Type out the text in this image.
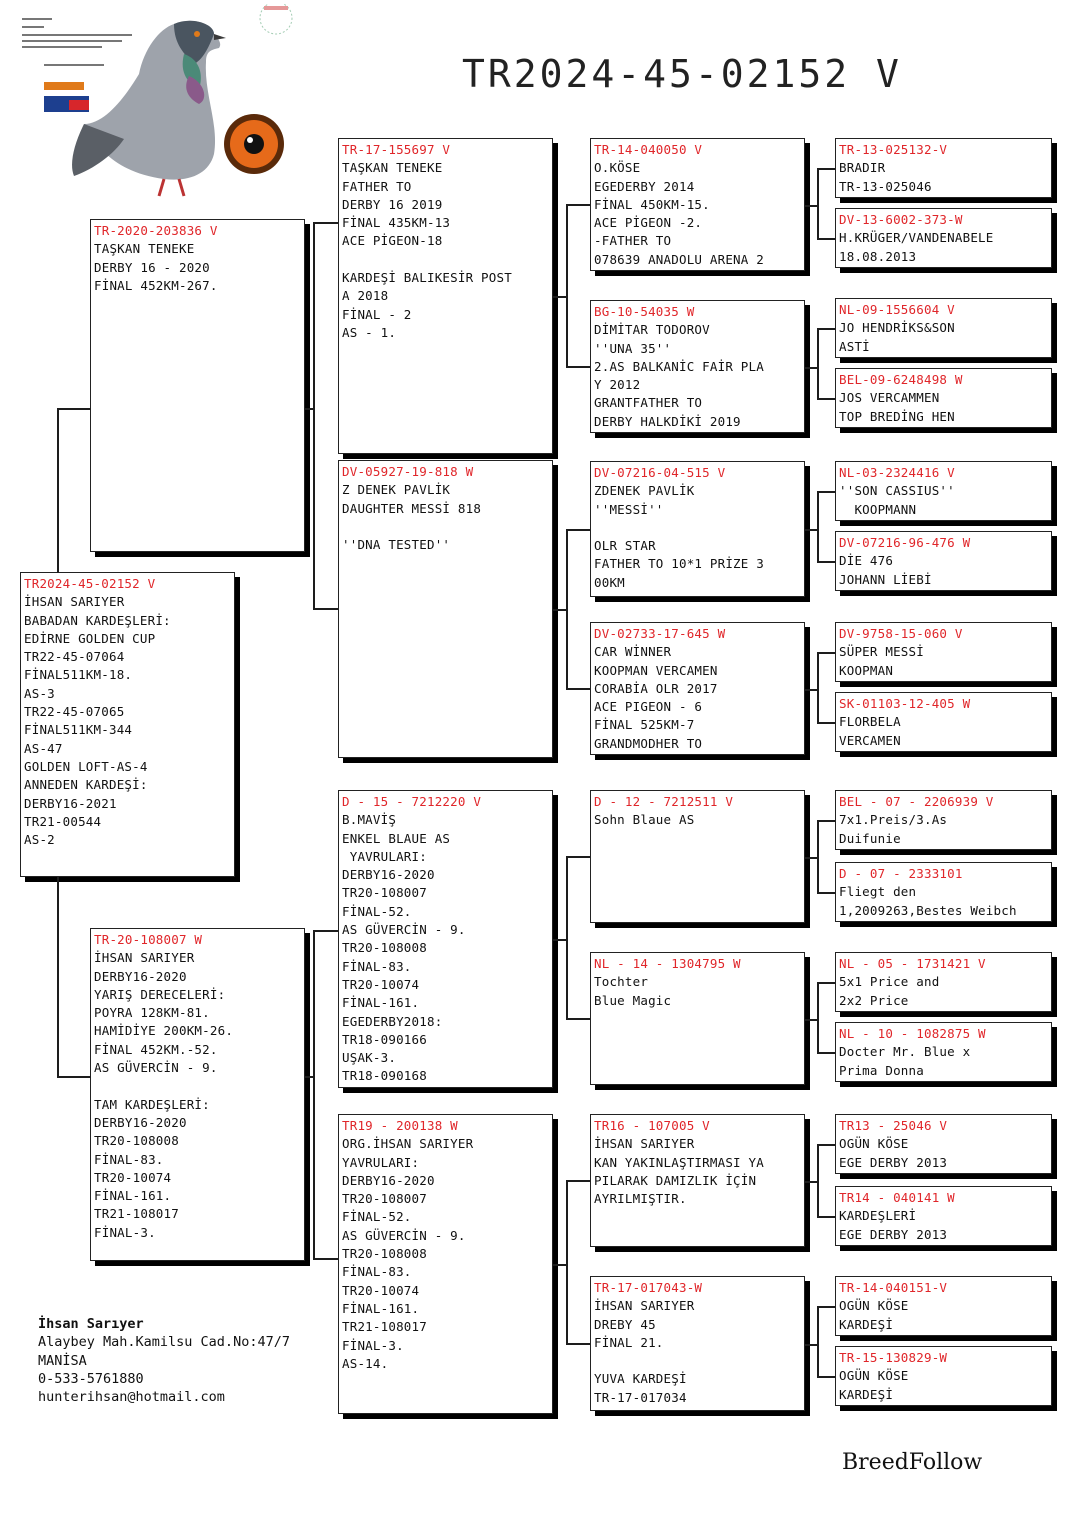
TR2024-45-02152 V
İhsan Sarıyer
Alaybey Mah.Kamilsu Cad.No:47/7
MANİSA
0-533-5761880
hunterihsan@hotmail.com
BreedFollow
TR2024-45-02152 V
İHSAN SARIYER
BABADAN KARDEŞLERİ:
EDİRNE GOLDEN CUP
TR22-45-07064
FİNAL511KM-18.
AS-3
TR22-45-07065
FİNAL511KM-344
AS-47
GOLDEN LOFT-AS-4
ANNEDEN KARDEŞİ:
DERBY16-2021
TR21-00544
AS-2
TR-2020-203836 V
TAŞKAN TENEKE
DERBY 16 - 2020
FİNAL 452KM-267.
TR-20-108007 W
İHSAN SARIYER
DERBY16-2020
YARIŞ DERECELERİ:
POYRA 128KM-81.
HAMİDİYE 200KM-26.
FİNAL 452KM.-52.
AS GÜVERCİN - 9.

TAM KARDEŞLERİ:
DERBY16-2020
TR20-108008
FİNAL-83.
TR20-10074
FİNAL-161.
TR21-108017
FİNAL-3.
TR-17-155697 V
TAŞKAN TENEKE
FATHER TO
DERBY 16 2019
FİNAL 435KM-13
ACE PİGEON-18

KARDEŞİ BALIKESİR POST
A 2018
FİNAL - 2
AS - 1.
DV-05927-19-818 W
Z DENEK PAVLİK
DAUGHTER MESSİ 818

''DNA TESTED''
D - 15 - 7212220 V
B.MAVİŞ
ENKEL BLAUE AS
YAVRULARI:
DERBY16-2020
TR20-108007
FİNAL-52.
AS GÜVERCİN - 9.
TR20-108008
FİNAL-83.
TR20-10074
FİNAL-161.
EGEDERBY2018:
TR18-090166
UŞAK-3.
TR18-090168
TR19 - 200138 W
ORG.İHSAN SARIYER
YAVRULARI:
DERBY16-2020
TR20-108007
FİNAL-52.
AS GÜVERCİN - 9.
TR20-108008
FİNAL-83.
TR20-10074
FİNAL-161.
TR21-108017
FİNAL-3.
AS-14.
TR-14-040050 V
O.KÖSE
EGEDERBY 2014
FİNAL 450KM-15.
ACE PİGEON -2.
-FATHER TO
078639 ANADOLU ARENA 2
BG-10-54035 W
DİMİTAR TODOROV
''UNA 35''
2.AS BALKANİC FAİR PLA
Y 2012
GRANTFATHER TO
DERBY HALKDİKİ 2019
DV-07216-04-515 V
ZDENEK PAVLİK
''MESSİ''

OLR STAR
FATHER TO 10*1 PRİZE 3
00KM
DV-02733-17-645 W
CAR WİNNER
KOOPMAN VERCAMEN
CORABİA OLR 2017
ACE PIGEON - 6
FİNAL 525KM-7
GRANDMODHER TO
D - 12 - 7212511 V
Sohn Blaue AS
NL - 14 - 1304795 W
Tochter
Blue Magic
TR16 - 107005 V
İHSAN SARIYER
KAN YAKINLAŞTIRMASI YA
PILARAK DAMIZLIK İÇİN
AYRILMIŞTIR.
TR-17-017043-W
İHSAN SARIYER
DREBY 45
FİNAL 21.

YUVA KARDEŞİ
TR-17-017034
TR-13-025132-V
BRADIR
TR-13-025046
DV-13-6002-373-W
H.KRÜGER/VANDENABELE
18.08.2013
NL-09-1556604 V
JO HENDRİKS&SON
ASTİ
BEL-09-6248498 W
JOS VERCAMMEN
TOP BREDİNG HEN
NL-03-2324416 V
''SON CASSIUS''
KOOPMANN
DV-07216-96-476 W
DİE 476
JOHANN LİEBİ
DV-9758-15-060 V
SÜPER MESSİ
KOOPMAN
SK-01103-12-405 W
FLORBELA
VERCAMEN
BEL - 07 - 2206939 V
7x1.Preis/3.As
Duifunie
D - 07 - 2333101
Fliegt den
1,2009263,Bestes Weibch
NL - 05 - 1731421 V
5x1 Price and
2x2 Price
NL - 10 - 1082875 W
Docter Mr. Blue x
Prima Donna
TR13 - 25046 V
OGÜN KÖSE
EGE DERBY 2013
TR14 - 040141 W
KARDEŞLERİ
EGE DERBY 2013
TR-14-040151-V
OGÜN KÖSE
KARDEŞİ
TR-15-130829-W
OGÜN KÖSE
KARDEŞİ
